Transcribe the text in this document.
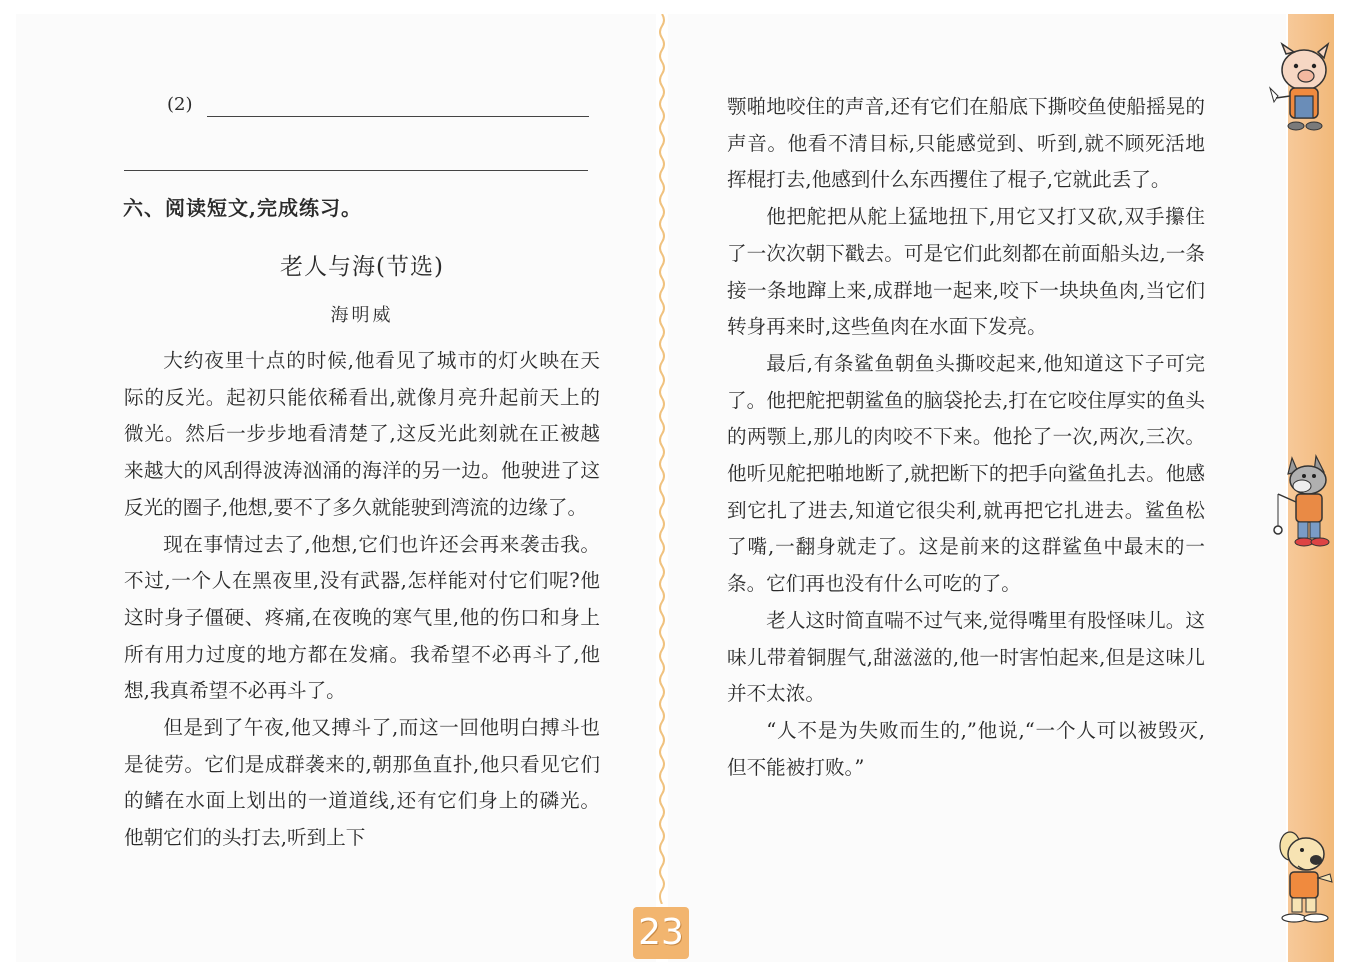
(2)
六、阅读短文,完成练习。
老人与海(节选)
海明威

大约夜里十点的时候,他看见了城市的灯火映在天际的反光。起初只能依稀看出,就像月亮升起前天上的微光。然后一步步地看清楚了,这反光此刻就在正被越来越大的风刮得波涛汹涌的海洋的另一边。他驶进了这反光的圈子,他想,要不了多久就能驶到湾流的边缘了。

现在事情过去了,他想,它们也许还会再来袭击我。不过,一个人在黑夜里,没有武器,怎样能对付它们呢?他这时身子僵硬、疼痛,在夜晚的寒气里,他的伤口和身上所有用力过度的地方都在发痛。我希望不必再斗了,他想,我真希望不必再斗了。

但是到了午夜,他又搏斗了,而这一回他明白搏斗也是徒劳。它们是成群袭来的,朝那鱼直扑,他只看见它们的鳍在水面上划出的一道道线,还有它们身上的磷光。他朝它们的头打去,听到上下

颚啪地咬住的声音,还有它们在船底下撕咬鱼使船摇晃的声音。他看不清目标,只能感觉到、听到,就不顾死活地挥棍打去,他感到什么东西攫住了棍子,它就此丢了。

他把舵把从舵上猛地扭下,用它又打又砍,双手攥住了一次次朝下戳去。可是它们此刻都在前面船头边,一条接一条地蹿上来,成群地一起来,咬下一块块鱼肉,当它们转身再来时,这些鱼肉在水面下发亮。

最后,有条鲨鱼朝鱼头撕咬起来,他知道这下子可完了。他把舵把朝鲨鱼的脑袋抡去,打在它咬住厚实的鱼头的两颚上,那儿的肉咬不下来。他抡了一次,两次,三次。他听见舵把啪地断了,就把断下的把手向鲨鱼扎去。他感到它扎了进去,知道它很尖利,就再把它扎进去。鲨鱼松了嘴,一翻身就走了。这是前来的这群鲨鱼中最末的一条。它们再也没有什么可吃的了。

老人这时简直喘不过气来,觉得嘴里有股怪味儿。这味儿带着铜腥气,甜滋滋的,他一时害怕起来,但是这味儿并不太浓。

“人不是为失败而生的,”他说,“一个人可以被毁灭,但不能被打败。”

23
